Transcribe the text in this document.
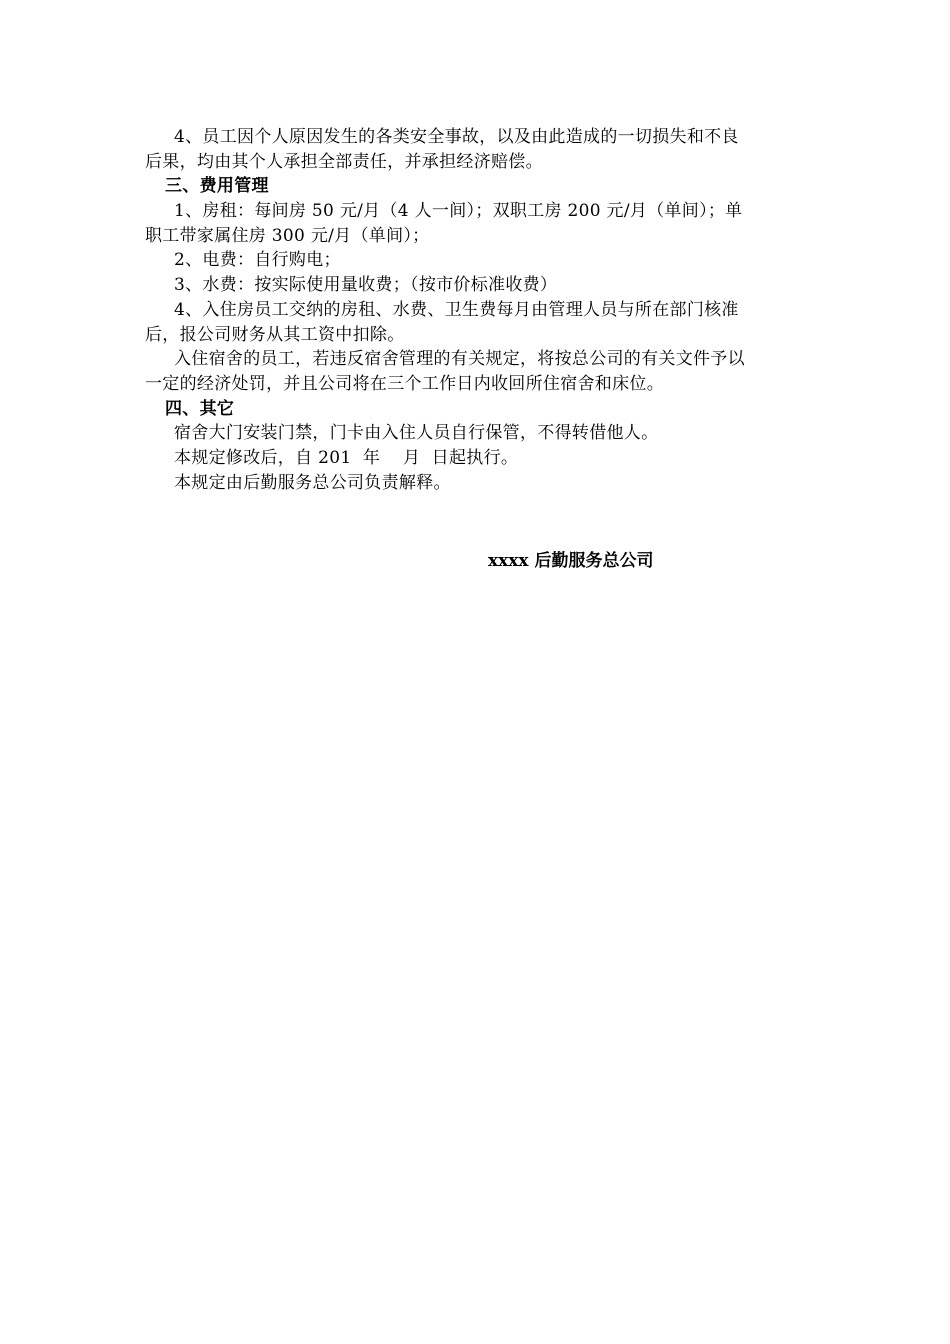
4、员工因个人原因发生的各类安全事故，以及由此造成的一切损失和不良
后果，均由其个人承担全部责任，并承担经济赔偿。
三、费用管理
1、房租：每间房 50 元/月（4 人一间）；双职工房 200 元/月（单间）；单
职工带家属住房 300 元/月（单间）；
2、电费：自行购电；
3、水费：按实际使用量收费；（按市价标准收费）
4、入住房员工交纳的房租、水费、卫生费每月由管理人员与所在部门核准
后，报公司财务从其工资中扣除。
入住宿舍的员工，若违反宿舍管理的有关规定，将按总公司的有关文件予以
一定的经济处罚，并且公司将在三个工作日内收回所住宿舍和床位。
四、其它
宿舍大门安装门禁，门卡由入住人员自行保管，不得转借他人。
本规定修改后，自 201  年    月  日起执行。
本规定由后勤服务总公司负责解释。
xxxx 后勤服务总公司
